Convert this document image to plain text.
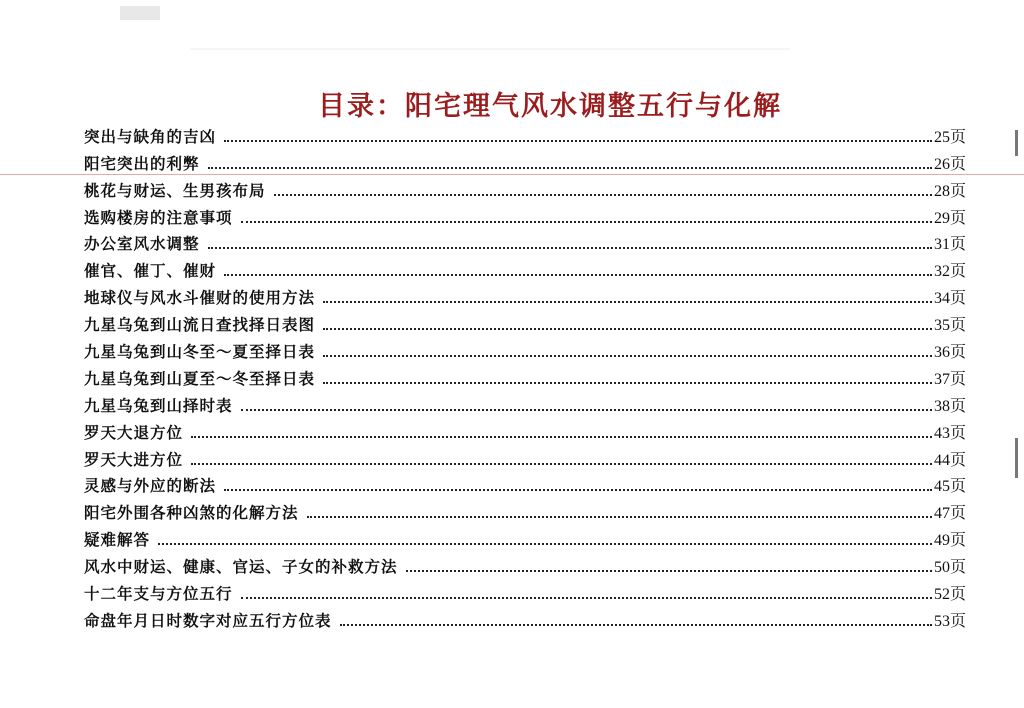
目录：阳宅理气风水调整五行与化解
突出与缺角的吉凶	25页
阳宅突出的利弊	26页
桃花与财运、生男孩布局	28页
选购楼房的注意事项	29页
办公室风水调整	31页
催官、催丁、催财	32页
地球仪与风水斗催财的使用方法	34页
九星乌兔到山流日查找择日表图	35页
九星乌兔到山冬至～夏至择日表	36页
九星乌兔到山夏至～冬至择日表	37页
九星乌兔到山择时表	38页
罗天大退方位	43页
罗天大进方位	44页
灵感与外应的断法	45页
阳宅外围各种凶煞的化解方法	47页
疑难解答	49页
风水中财运、健康、官运、子女的补救方法	50页
十二年支与方位五行	52页
命盘年月日时数字对应五行方位表	53页
